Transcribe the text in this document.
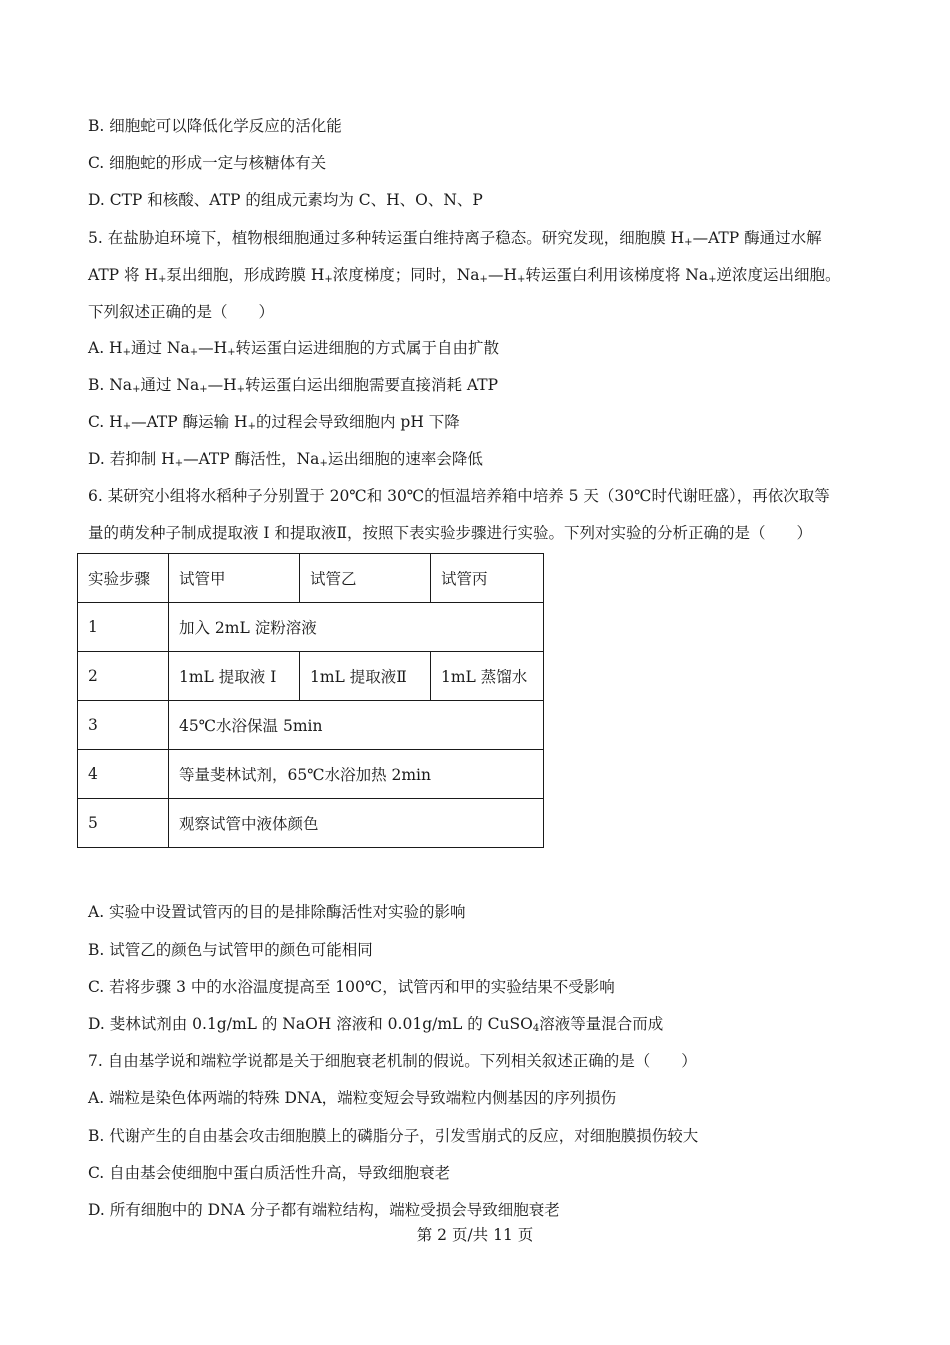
B. 细胞蛇可以降低化学反应的活化能
C. 细胞蛇的形成一定与核糖体有关
D. CTP 和核酸、ATP 的组成元素均为 C、H、O、N、P
5. 在盐胁迫环境下，植物根细胞通过多种转运蛋白维持离子稳态。研究发现，细胞膜 $H_+—ATP$ 酶通过水解
ATP 将 $H_+$泵出细胞，形成跨膜 $H_+$浓度梯度；同时，$Na_+—H_+$转运蛋白利用该梯度将 $Na_+$逆浓度运出细胞。
下列叙述正确的是（　　）
A. $H_+$通过 $Na_+—H_+$转运蛋白运进细胞的方式属于自由扩散
B. $Na_+$通过 $Na_+—H_+$转运蛋白运出细胞需要直接消耗 ATP
C. $H_+—ATP$ 酶运输 $H_+$的过程会导致细胞内 pH 下降
D. 若抑制 $H_+—ATP$ 酶活性，$Na_+$运出细胞的速率会降低
6. 某研究小组将水稻种子分别置于 20℃和 30℃的恒温培养箱中培养 5 天（30℃时代谢旺盛），再依次取等
量的萌发种子制成提取液 I 和提取液Ⅱ，按照下表实验步骤进行实验。下列对实验的分析正确的是（　　）
实验步骤	试管甲	试管乙	试管丙
1	加入 2mL 淀粉溶液		
2	1mL 提取液 I	1mL 提取液Ⅱ	1mL 蒸馏水
3	45℃水浴保温 5min		
4	等量斐林试剂，65℃水浴加热 2min		
5	观察试管中液体颜色		
A. 实验中设置试管丙的目的是排除酶活性对实验的影响
B. 试管乙的颜色与试管甲的颜色可能相同
C. 若将步骤 3 中的水浴温度提高至 100℃，试管丙和甲的实验结果不受影响
D. 斐林试剂由 0.1g/mL 的 NaOH 溶液和 0.01g/mL 的 CuSO$_4$溶液等量混合而成
7. 自由基学说和端粒学说都是关于细胞衰老机制的假说。下列相关叙述正确的是（　　）
A. 端粒是染色体两端的特殊 DNA，端粒变短会导致端粒内侧基因的序列损伤
B. 代谢产生的自由基会攻击细胞膜上的磷脂分子，引发雪崩式的反应，对细胞膜损伤较大
C. 自由基会使细胞中蛋白质活性升高，导致细胞衰老
D. 所有细胞中的 DNA 分子都有端粒结构，端粒受损会导致细胞衰老
第 2 页/共 11 页
